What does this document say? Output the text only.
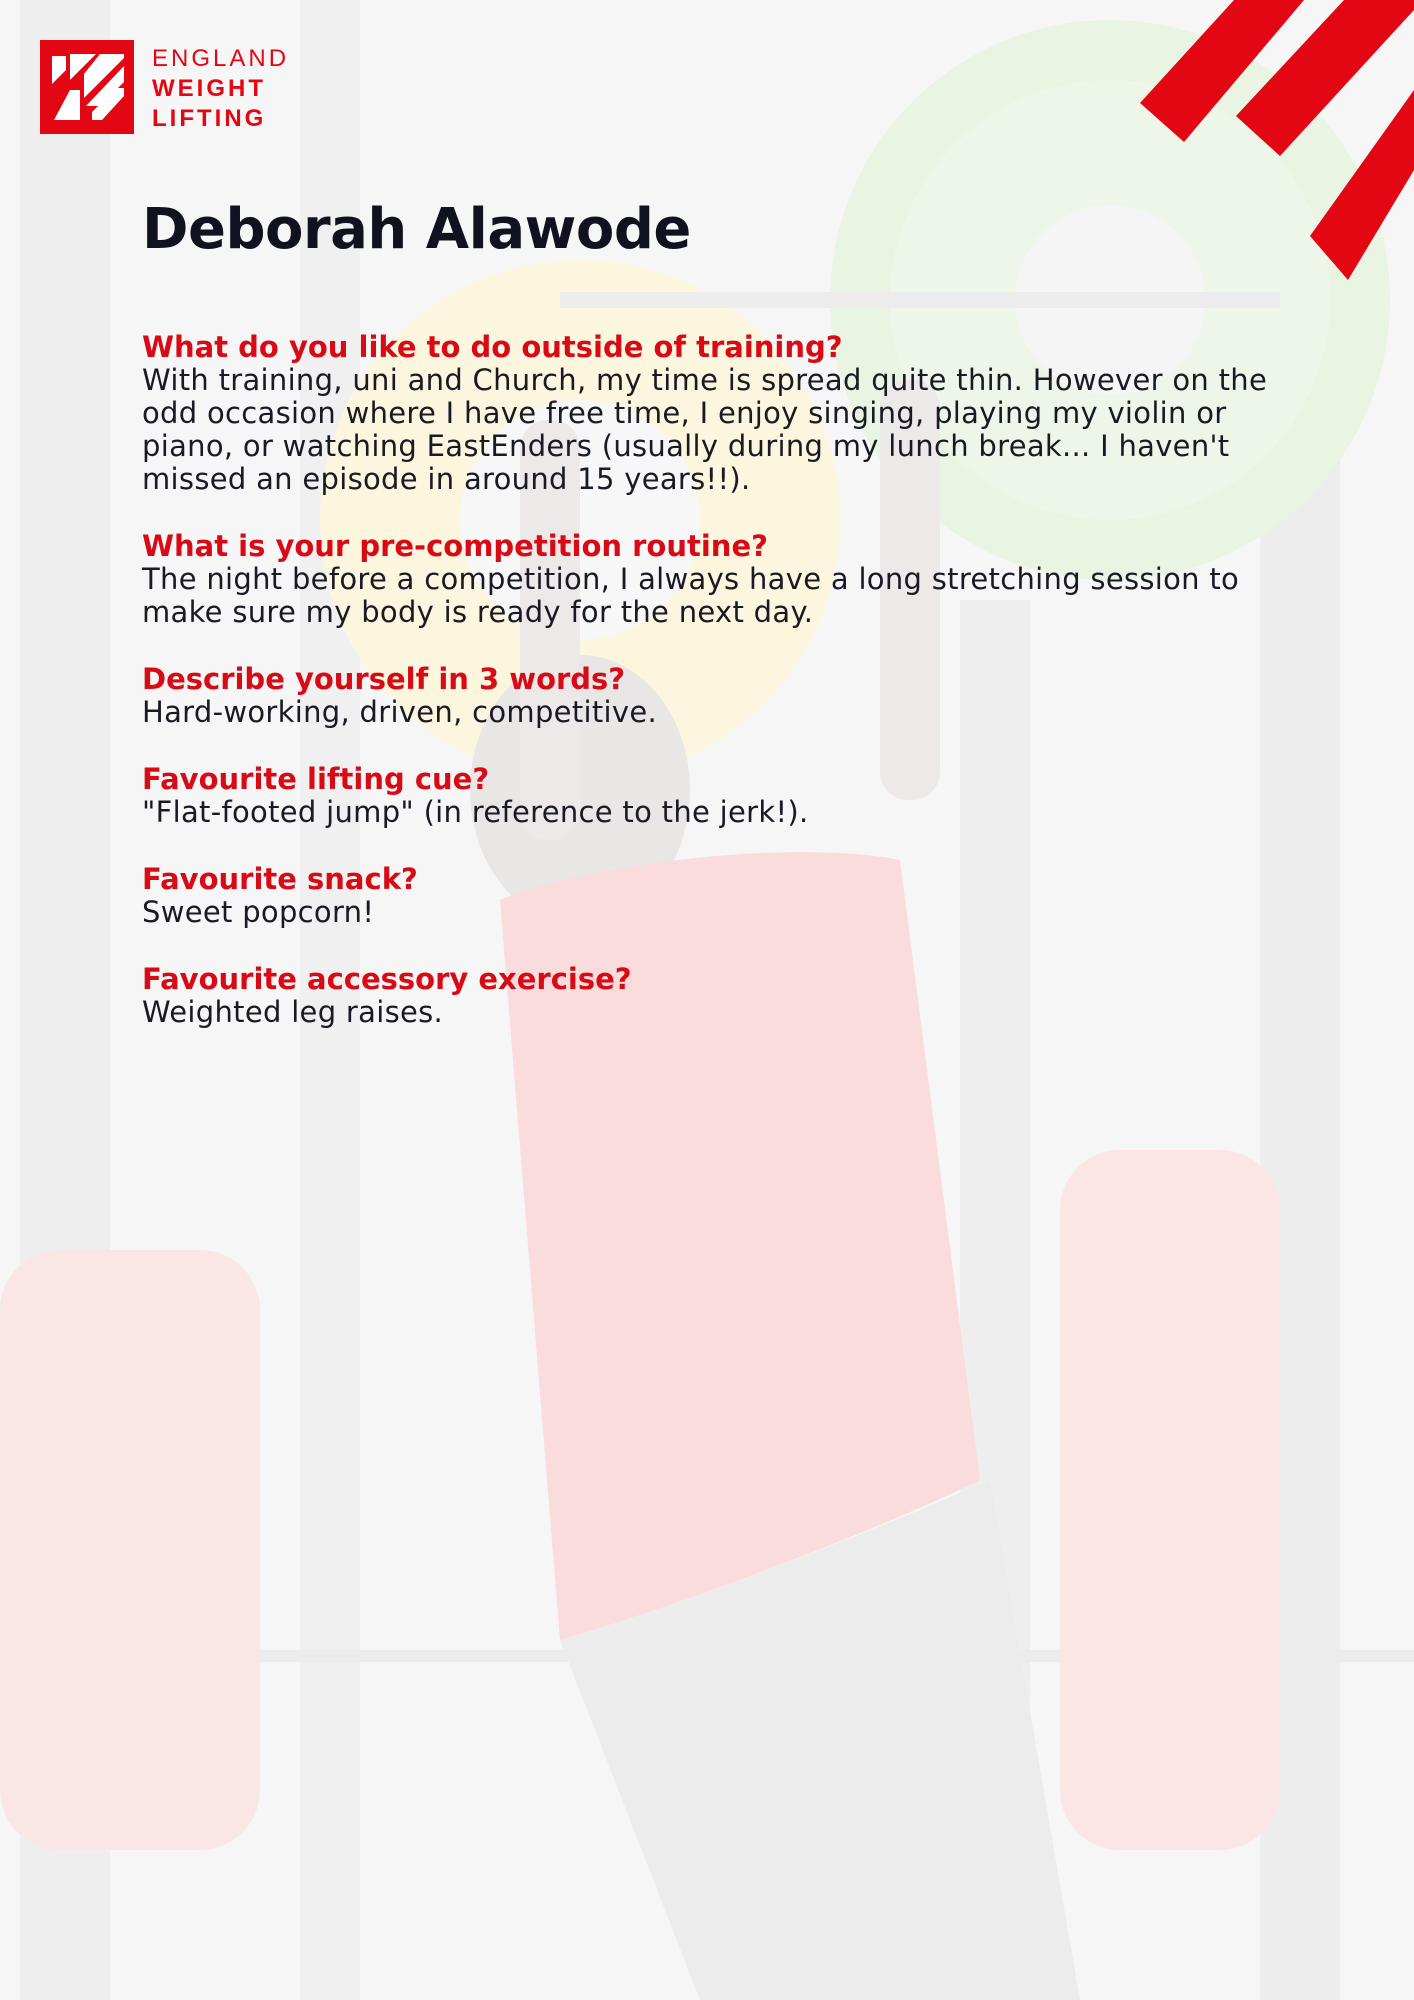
ENGLAND
WEIGHT
LIFTING
Deborah Alawode

What do you like to do outside of training?

With training, uni and Church, my time is spread quite thin. However on the odd occasion where I have free time, I enjoy singing, playing my violin or piano, or watching EastEnders (usually during my lunch break... I haven't missed an episode in around 15 years!!).

What is your pre-competition routine?

The night before a competition, I always have a long stretching session to make sure my body is ready for the next day.

Describe yourself in 3 words?

Hard-working, driven, competitive.

Favourite lifting cue?

"Flat-footed jump" (in reference to the jerk!).

Favourite snack?

Sweet popcorn!

Favourite accessory exercise?

Weighted leg raises.
